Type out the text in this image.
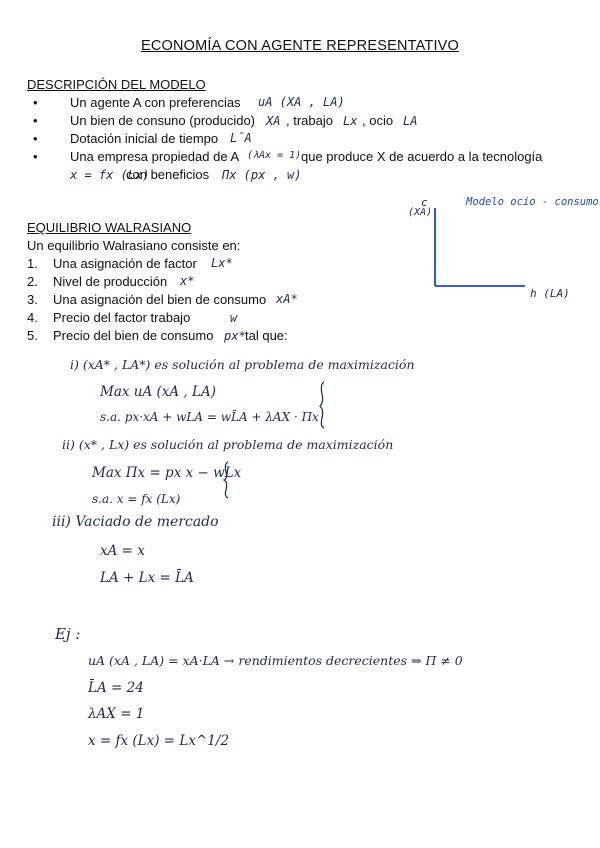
ECONOMÍA CON AGENTE REPRESENTATIVO
DESCRIPCIÓN DEL MODELO
• Un agente A con preferencias uA (XA , LA)
• Un bien de consuno (producido) XA , trabajo Lx , ocio LA
• Dotación inicial de tiempo L̄A
• Una empresa propiedad de A (λAx = 1) que produce X de acuerdo a la tecnología
x = fx (Lx)
con beneficios Πx (px , w)
c
(XA)
Modelo ocio - consumo
h (LA)
EQUILIBRIO WALRASIANO
Un equilibrio Walrasiano consiste en:
1. Una asignación de factor Lx*
2. Nivel de producción x*
3. Una asignación del bien de consumo xA*
4. Precio del factor trabajo	w
5. Precio del bien de consumo px* tal que:
i) (xA* , LA*) es solución al problema de maximización
Max uA (xA , LA)
s.a. px·xA + wLA = wL̄A + λAX · Πx
ii) (x* , Lx) es solución al problema de maximización
Max Πx = px x − wLx
s.a. x = fx (Lx)
iii) Vaciado de mercado
xA = x
LA + Lx = L̄A
Ej :
uA (xA , LA) = xA·LA → rendimientos decrecientes ⇒ Π ≠ 0
L̄A = 24
λAX = 1
x = fx (Lx) = Lx^1/2
